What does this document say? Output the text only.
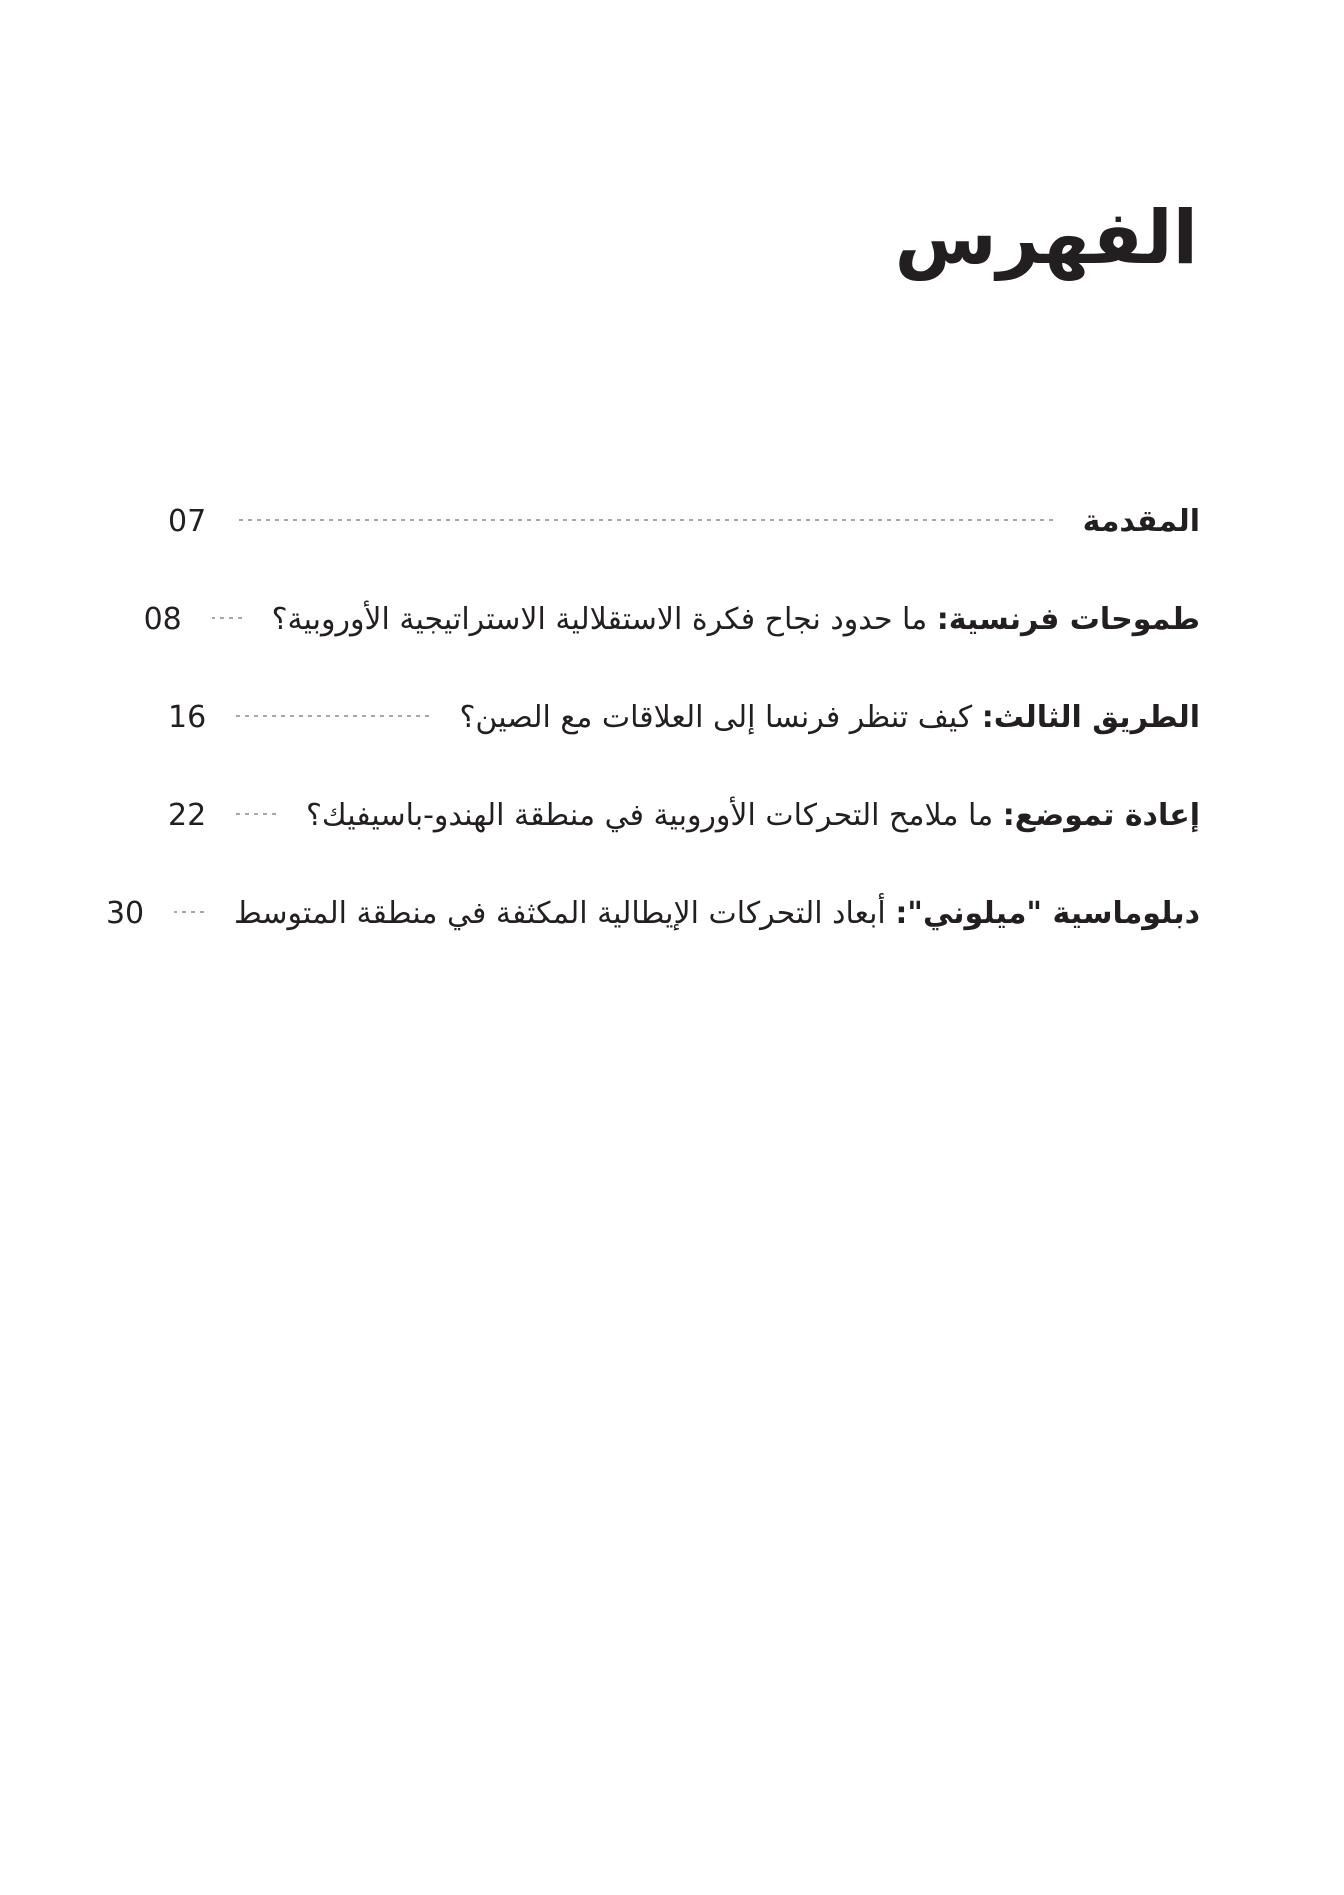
الفهرس
المقدمة
07
طموحات فرنسية: ما حدود نجاح فكرة الاستقلالية الاستراتيجية الأوروبية؟
08
الطريق الثالث: كيف تنظر فرنسا إلى العلاقات مع الصين؟
16
إعادة تموضع: ما ملامح التحركات الأوروبية في منطقة الهندو-باسيفيك؟
22
دبلوماسية "ميلوني": أبعاد التحركات الإيطالية المكثفة في منطقة المتوسط
30
